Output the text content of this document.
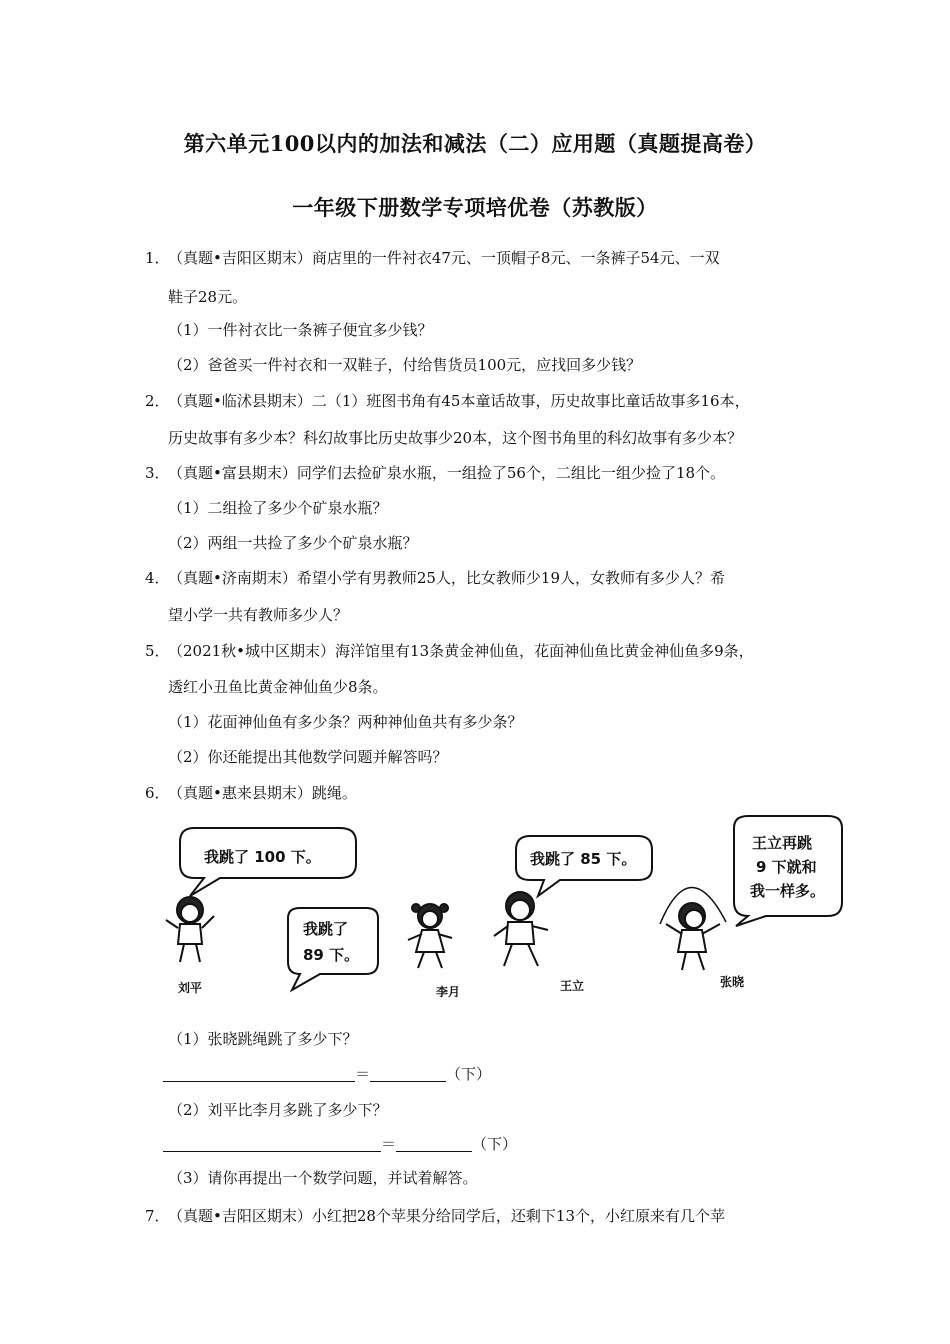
第六单元100以内的加法和减法（二）应用题（真题提高卷）
一年级下册数学专项培优卷（苏教版）
1．
（真题•吉阳区期末）商店里的一件衬衣47元、一顶帽子8元、一条裤子54元、一双
鞋子28元。
（1）一件衬衣比一条裤子便宜多少钱？
（2）爸爸买一件衬衣和一双鞋子，付给售货员100元，应找回多少钱？
2．
（真题•临沭县期末）二（1）班图书角有45本童话故事，历史故事比童话故事多16本，
历史故事有多少本？科幻故事比历史故事少20本，这个图书角里的科幻故事有多少本？
3．
（真题•富县期末）同学们去捡矿泉水瓶，一组捡了56个，二组比一组少捡了18个。
（1）二组捡了多少个矿泉水瓶？
（2）两组一共捡了多少个矿泉水瓶？
4．
（真题•济南期末）希望小学有男教师25人，比女教师少19人，女教师有多少人？希
望小学一共有教师多少人？
5．
（2021秋•城中区期末）海洋馆里有13条黄金神仙鱼，花面神仙鱼比黄金神仙鱼多9条，
透红小丑鱼比黄金神仙鱼少8条。
（1）花面神仙鱼有多少条？两种神仙鱼共有多少条？
（2）你还能提出其他数学问题并解答吗？
6．
（真题•惠来县期末）跳绳。
我跳了 100 下。
我跳了
89 下。
我跳了 85 下。
王立再跳
9 下就和
我一样多。
刘平	李月	王立	张晓
（1）张晓跳绳跳了多少下？
＝	（下）
（2）刘平比李月多跳了多少下？
＝	（下）
（3）请你再提出一个数学问题，并试着解答。
7．
（真题•吉阳区期末）小红把28个苹果分给同学后，还剩下13个，小红原来有几个苹
